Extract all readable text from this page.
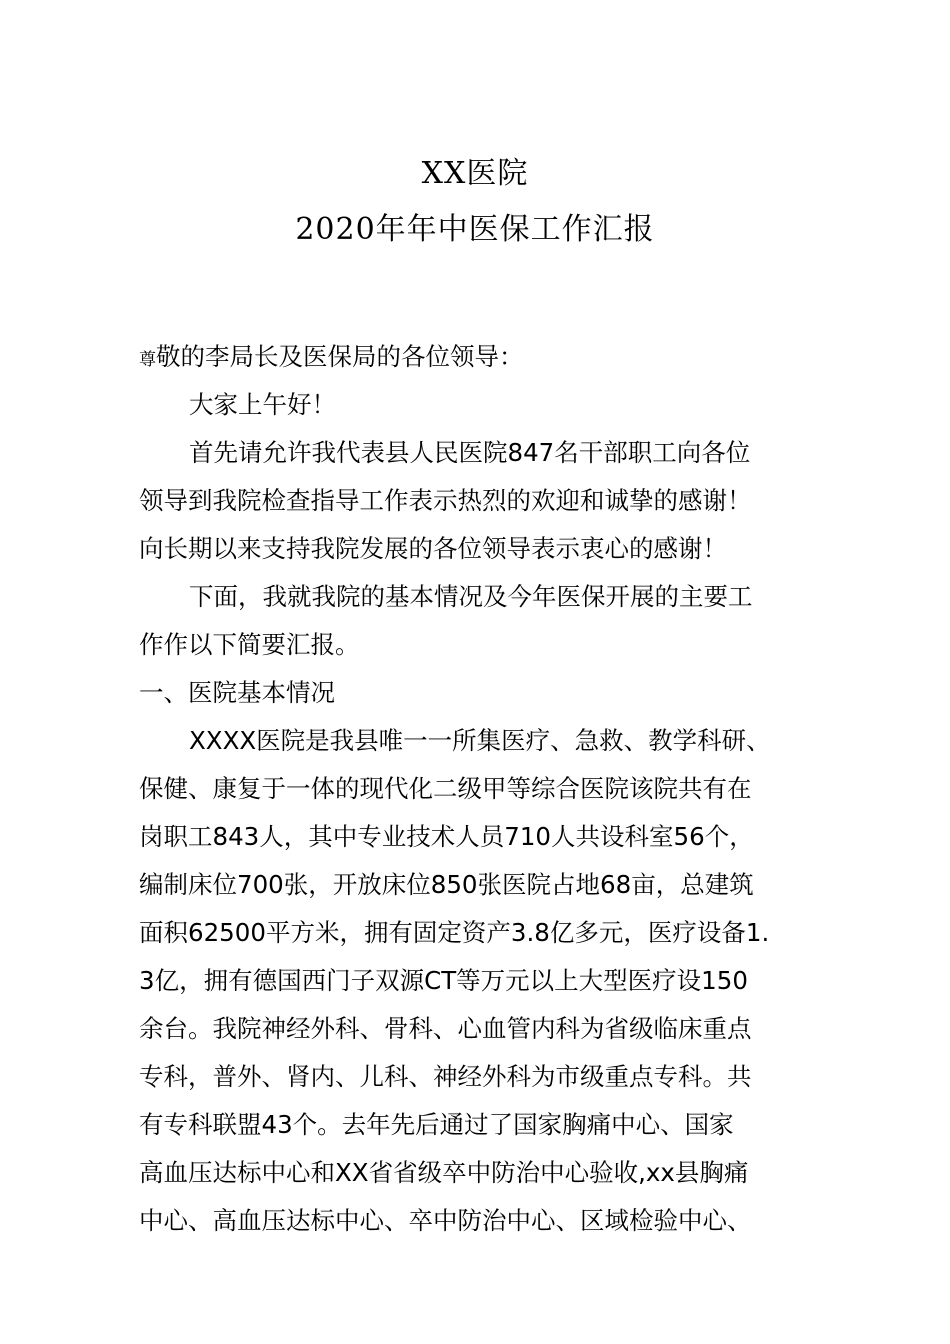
XX医院
2020年年中医保工作汇报
尊敬的李局长及医保局的各位领导：
大家上午好！
首先请允许我代表县人民医院847名干部职工向各位
领导到我院检查指导工作表示热烈的欢迎和诚挚的感谢！
向长期以来支持我院发展的各位领导表示衷心的感谢！
下面，我就我院的基本情况及今年医保开展的主要工
作作以下简要汇报。
一、医院基本情况
XXXX医院是我县唯一一所集医疗、急救、教学科研、
保健、康复于一体的现代化二级甲等综合医院该院共有在
岗职工843人，其中专业技术人员710人共设科室56个，
编制床位700张，开放床位850张医院占地68亩，总建筑
面积62500平方米，拥有固定资产3.8亿多元，医疗设备1.
3亿，拥有德国西门子双源CT等万元以上大型医疗设150
余台。我院神经外科、骨科、心血管内科为省级临床重点
专科，普外、肾内、儿科、神经外科为市级重点专科。共
有专科联盟43个。去年先后通过了国家胸痛中心、国家
高血压达标中心和XX省省级卒中防治中心验收,xx县胸痛
中心、高血压达标中心、卒中防治中心、区域检验中心、
